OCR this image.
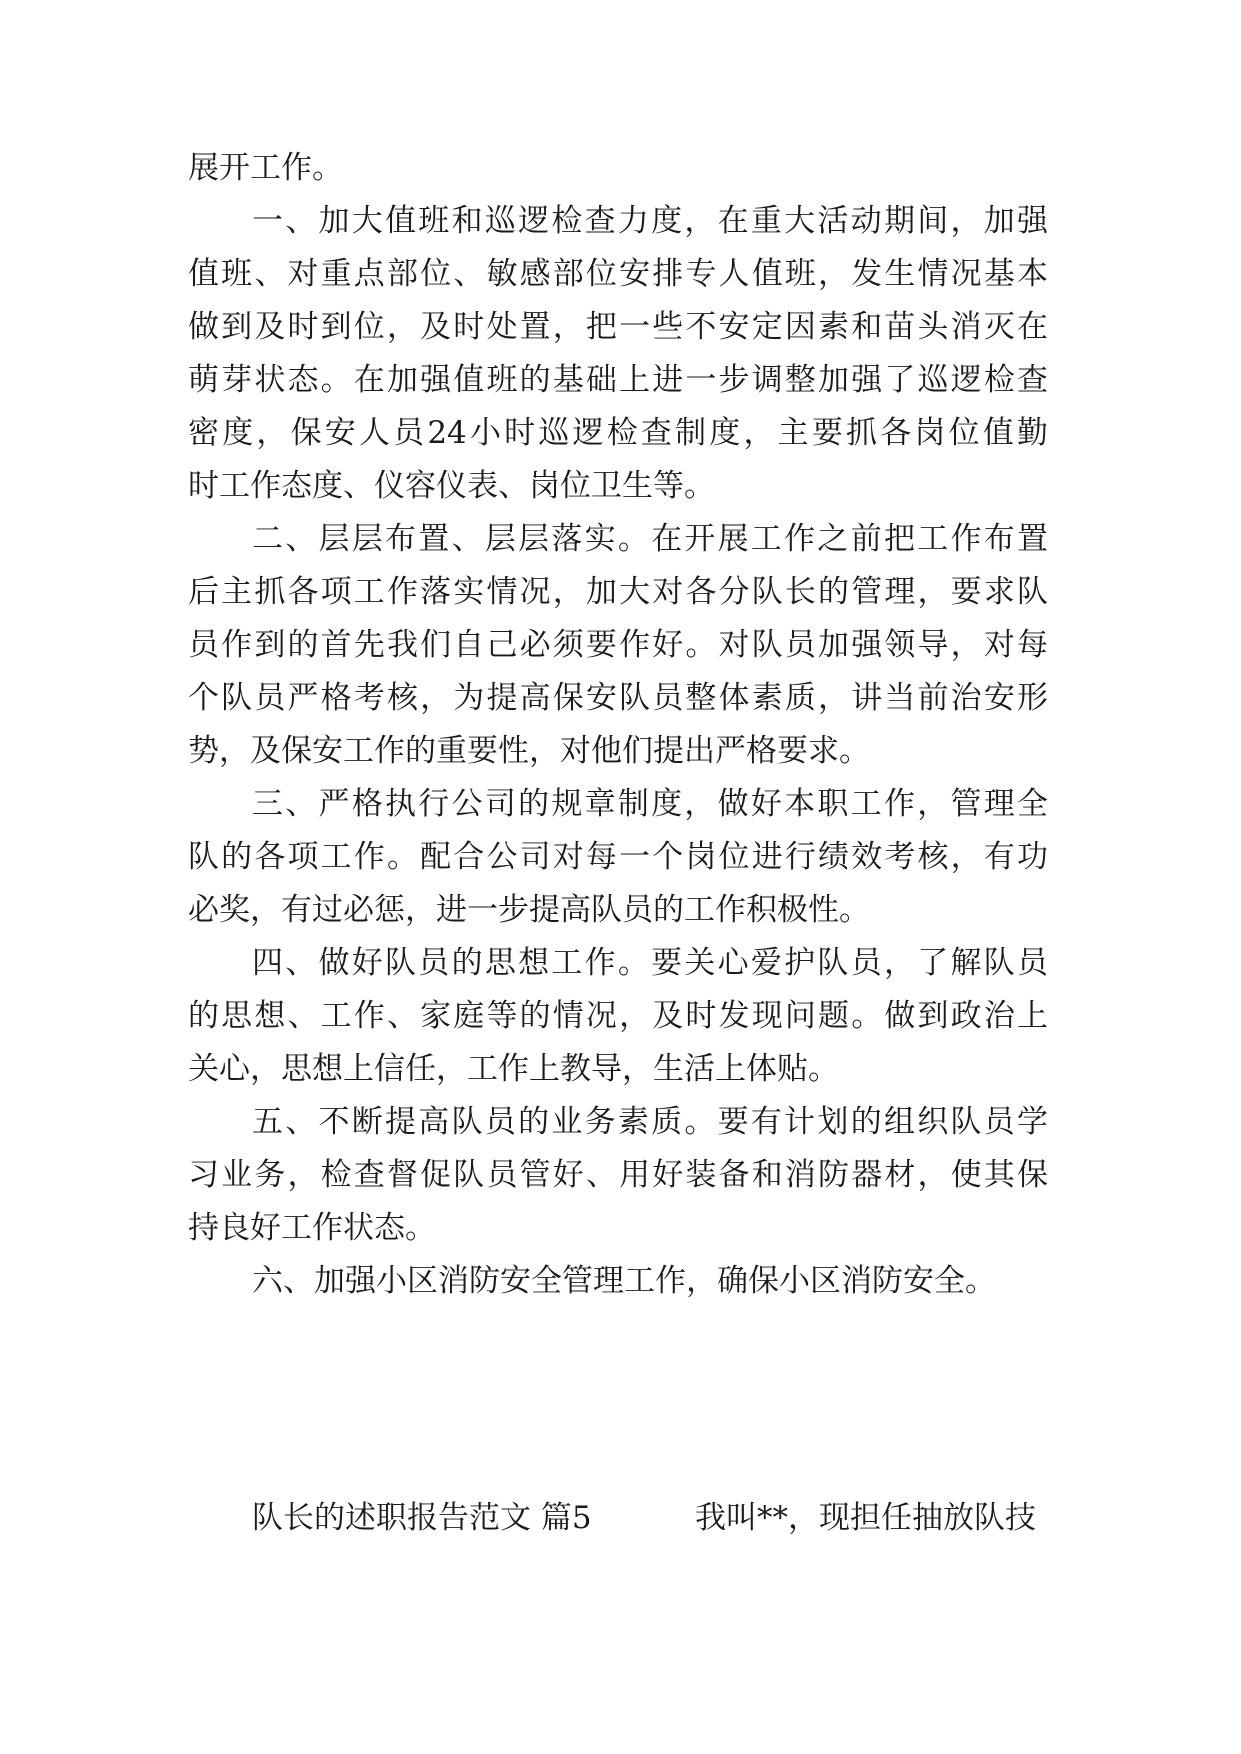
展开工作。
一、加大值班和巡逻检查力度，在重大活动期间，加强
值班、对重点部位、敏感部位安排专人值班，发生情况基本
做到及时到位，及时处置，把一些不安定因素和苗头消灭在
萌芽状态。在加强值班的基础上进一步调整加强了巡逻检查
密度，保安人员24小时巡逻检查制度，主要抓各岗位值勤
时工作态度、仪容仪表、岗位卫生等。
二、层层布置、层层落实。在开展工作之前把工作布置
后主抓各项工作落实情况，加大对各分队长的管理，要求队
员作到的首先我们自己必须要作好。对队员加强领导，对每
个队员严格考核，为提高保安队员整体素质，讲当前治安形
势，及保安工作的重要性，对他们提出严格要求。
三、严格执行公司的规章制度，做好本职工作，管理全
队的各项工作。配合公司对每一个岗位进行绩效考核，有功
必奖，有过必惩，进一步提高队员的工作积极性。
四、做好队员的思想工作。要关心爱护队员，了解队员
的思想、工作、家庭等的情况，及时发现问题。做到政治上
关心，思想上信任，工作上教导，生活上体贴。
五、不断提高队员的业务素质。要有计划的组织队员学
习业务，检查督促队员管好、用好装备和消防器材，使其保
持良好工作状态。
六、加强小区消防安全管理工作，确保小区消防安全。
队长的述职报告范文 篇5	我叫**，现担任抽放队技
